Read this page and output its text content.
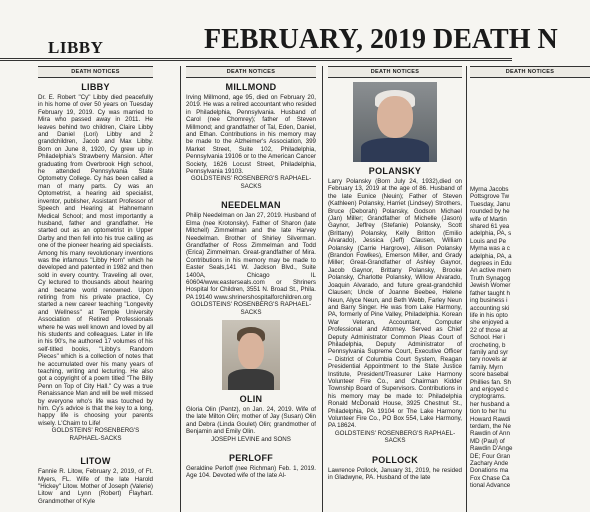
LIBBY	FEBRUARY, 2019 DEATH N
DEATH NOTICES
LIBBY

Dr. E. Robert "Cy" Libby died peacefully in his home of over 50 years on Tuesday February 19, 2019. Cy was married to Mira who passed away in 2011. He leaves behind two children, Claire Libby and Daniel (Lori) Libby and 2 grandchildren, Jacob and Max Libby. Born on June 8, 1920, Cy grew up in Philadelphia's Strawberry Mansion. After graduating from Overbrook High school, he attended Pennsylvania State Optometry College. Cy has been called a man of many parts. Cy was an Optometrist, a hearing aid specialist, inventor, publisher, Assistant Professor of Speech and Hearing at Hahnemann Medical School; and most importantly a husband, father and grandfather. He started out as an optometrist in Upper Darby and then fell into his true calling as one of the pioneer hearing aid specialists. Among his many revolutionary inventions was the infamous "Libby Horn" which he developed and patented in 1982 and then sold in every country. Traveling all over, Cy lectured to thousands about hearing and became world renowned. Upon retiring from his private practice, Cy started a new career teaching "Longevity and Wellness" at Temple University Association of Retired Professionals where he was well known and loved by all his students and colleagues. Later in life in his 90's, he authored 17 volumes of his self-titled books, "Libby's Random Pieces" which is a collection of notes that he accumulated over his many years of teaching, writing and lecturing. He also got a copyright of a poem titled "The Billy Penn on Top of City Hall." Cy was a true Renaissance Man and will be well missed by everyone who's life was touched by him. Cy's advice is that the key to a long, happy life is choosing your parents wisely. L'Chaim to Life!

GOLDSTEINS' ROSENBERG'S RAPHAEL-SACKS
LITOW

Fannie R. Litow, February 2, 2019, of Ft. Myers, FL. Wife of the late Harold "Hickey" Litow. Mother of Joseph (Valerie) Litow and Lynn (Robert) Flayhart. Grandmother of Kyle

DEATH NOTICES
MILLMOND

Irving Millmond, age 95, died on February 20, 2019. He was a retired accountant who resided in Philadelphia, Pennsylvania. Husband of Carol (nee Chomrey); father of Steven Millmond; and grandfather of Tal, Eden, Daniel, and Ethan. Contributions in his memory may be made to the Alzheimer's Association, 399 Market Street, Suite 102, Philadelphia, Pennsylvania 19106 or to the American Cancer Society, 1626 Locust Street, Philadelphia, Pennsylvania 19103.

GOLDSTEINS' ROSENBERG'S RAPHAEL-SACKS
NEEDELMAN

Philip Needelman on Jan 27, 2019. Husband of Elma (nee Krotonsky). Father of Sharon (late Mitchell) Zimmelman and the late Harvey Needelman. Brother of Shirley Silverman. Grandfather of Ross Zimmelman and Todd (Erica) Zimmelman. Great-grandfather of Mira. Contributions in his memory may be made to Easter Seals,141 W. Jackson Blvd., Suite 1400A, Chicago IL 60604/www.easterseals.com or Shriners Hospital for Children, 3551 N. Broad St., Phila. PA 19140 www.shrinershospitalforchildren.org

GOLDSTEINS' ROSENBERG'S RAPHAEL-SACKS
OLIN

Gloria Olin (Pentz), on Jan. 24, 2019. Wife of the late Milton Olin; mother of Jay (Susan) Olin and Debra (Linda Goulet) Olin; grandmother of Benjamin and Emily Olin.

JOSEPH LEVINE and SONS
PERLOFF

Geraldine Perloff (nee Richman) Feb. 1, 2019. Age 104. Devoted wife of the late Al-

DEATH NOTICES
POLANSKY

Larry Polansky (Born July 24, 1932),died on February 13, 2019 at the age of 86. Husband of the late Eunice (Neuin); Father of Steven (Kathleen) Polansky, Harriet (Lindsey) Strothers, Bruce (Deborah) Polansky, Godson Michael (Jan) Miller; Grandfather of Michelle (Jason) Gaynor, Jeffrey (Stefanie) Polansky, Scott (Brittany) Polansky, Kelly Britton (Emilio Alvarado), Jessica (Jeff) Clausen, William Polansky (Carrie Hargrove), Allison Polansky (Brandon Fowlkes), Emerson Miller, and Grady Miller; Great-Grandfather of Ashley Gaynor, Jacob Gaynor, Brittany Polansky, Brooke Polansky, Charlotte Polansky, Willow Alvarado, Joaquin Alvarado, and future great-grandchild Clausen; Uncle of Joanne Beebee, Helene Neun, Alyce Neun, and Beth Webb, Farley Neun and Barry Singer. He was from Lake Harmony, PA, formerly of Pine Valley, Philadelphia. Korean War Veteran, Accountant, Computer Professional and Attorney. Served as Chief Deputy Administrator Common Pleas Court of Philadelphia, Deputy Administrator of Pennsylvania Supreme Court, Executive Officer – District of Columbia Court System, Reagan Presidential Appointment to the State Justice Institute, President/Treasurer Lake Harmony Volunteer Fire Co., and Chairman Kidder Township Board of Supervisors. Contributions in his memory may be made to: Philadelphia Ronald McDonald House, 3925 Chestnut St., Philadelphia, PA 19104 or The Lake Harmony Volunteer Fire Co., PO Box 554, Lake Harmony, PA 18624.

GOLDSTEINS' ROSENBERG'S RAPHAEL-SACKS
POLLOCK

Lawrence Pollock, January 31, 2019, he resided in Gladwyne, PA. Husband of the late

DEATH NOTICES
Myrna Jacobs
Pottsgrove Tw
Tuesday, Janu
rounded by he
wife of Martin
shared 61 yea
adelphia, PA, s
Louis and Pe
Myrna was a c
adelphia, PA, a
degrees in Edu
An active mem
Truth Synagog
Jewish Womer
father taught h
ing business i
accounting ski
life in his opto
she enjoyed a
22 of those at
School. Her i
crocheting, b
family and syr
tery novels ar
family. Myrn
score basebal
Phillies fan. Sh
and enjoyed c
cryptograms.
her husband a
tion to her hu
Howard Rawdi
terdam, the Ne
Rawdin of Ann
MD (Paul) of
Rawdin D'Ange
DE; Four Gran
Zachary Ande
Donations ma
Fox Chase Ca
tional Advance
